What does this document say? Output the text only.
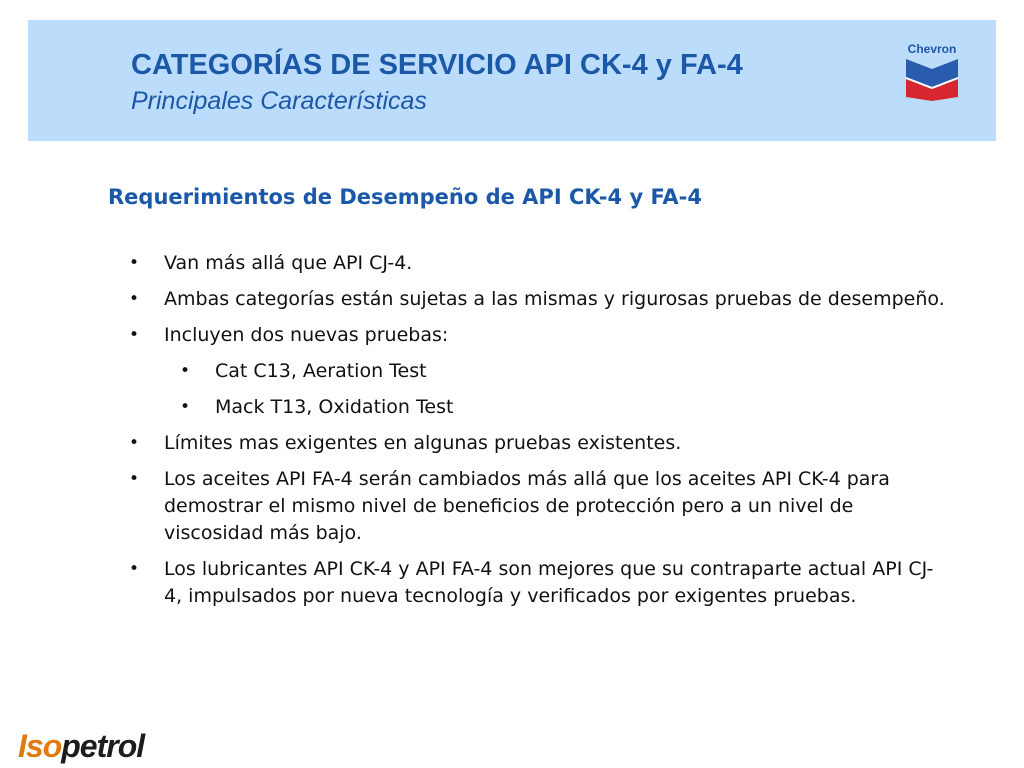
CATEGORÍAS DE SERVICIO API CK-4 y FA-4
Principales Características
Chevron
Requerimientos de Desempeño de API CK-4 y FA-4
• Van más allá que API CJ-4.
• Ambas categorías están sujetas a las mismas y rigurosas pruebas de desempeño.
• Incluyen dos nuevas pruebas:
• Cat C13, Aeration Test
• Mack T13, Oxidation Test
• Límites mas exigentes en algunas pruebas existentes.
• Los aceites API FA-4 serán cambiados más allá que los aceites API CK-4 para demostrar el mismo nivel de beneficios de protección pero a un nivel de viscosidad más bajo.
• Los lubricantes API CK-4 y API FA-4 son mejores que su contraparte actual API CJ-4, impulsados por nueva tecnología y verificados por exigentes pruebas.
Isopetrol
